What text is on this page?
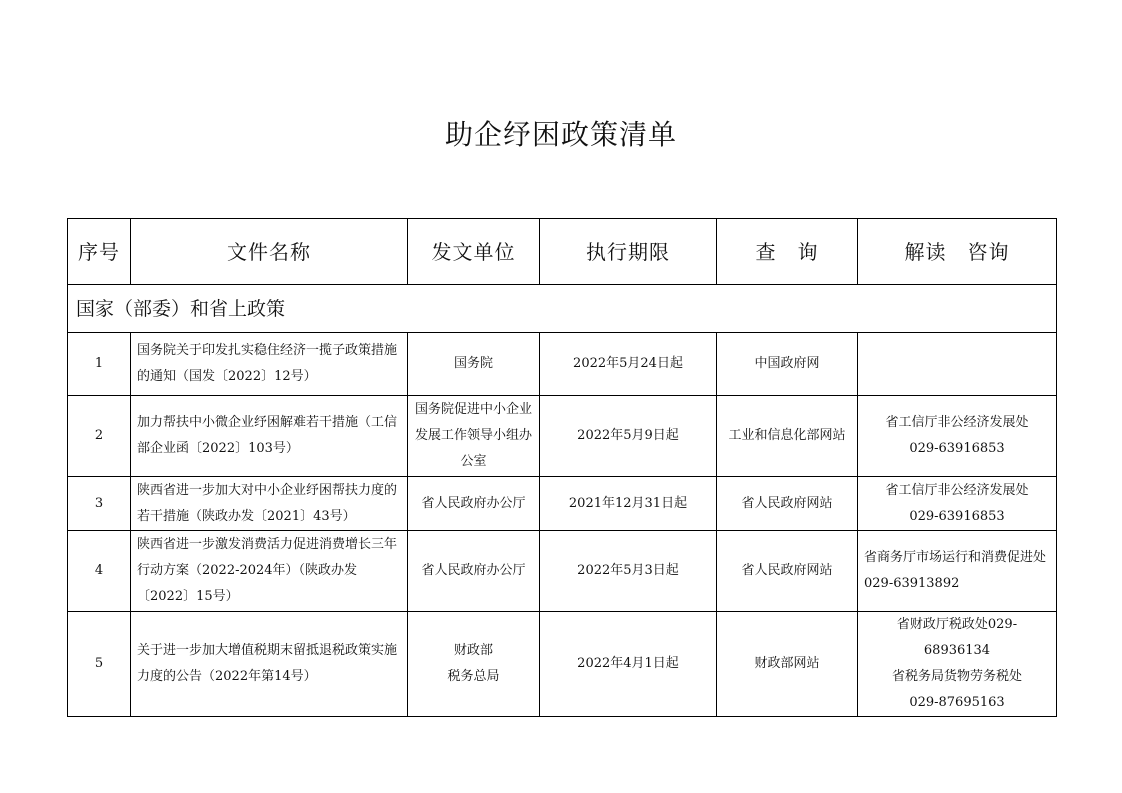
助企纾困政策清单
序号	文件名称	发文单位	执行期限	查　询	解读　咨询
国家（部委）和省上政策					
1	国务院关于印发扎实稳住经济一揽子政策措施的通知（国发〔2022〕12号）	国务院	2022年5月24日起	中国政府网	
2	加力帮扶中小微企业纾困解难若干措施（工信部企业函〔2022〕103号）	国务院促进中小企业发展工作领导小组办公室	2022年5月9日起	工业和信息化部网站	省工信厅非公经济发展处
029-63916853
3	陕西省进一步加大对中小企业纾困帮扶力度的若干措施（陕政办发〔2021〕43号）	省人民政府办公厅	2021年12月31日起	省人民政府网站	省工信厅非公经济发展处
029-63916853
4	陕西省进一步激发消费活力促进消费增长三年行动方案（2022-2024年）（陕政办发〔2022〕15号）	省人民政府办公厅	2022年5月3日起	省人民政府网站	省商务厅市场运行和消费促进处 029-63913892
5	关于进一步加大增值税期末留抵退税政策实施力度的公告（2022年第14号）	财政部
税务总局	2022年4月1日起	财政部网站	省财政厅税政处029-68936134
省税务局货物劳务税处
029-87695163
